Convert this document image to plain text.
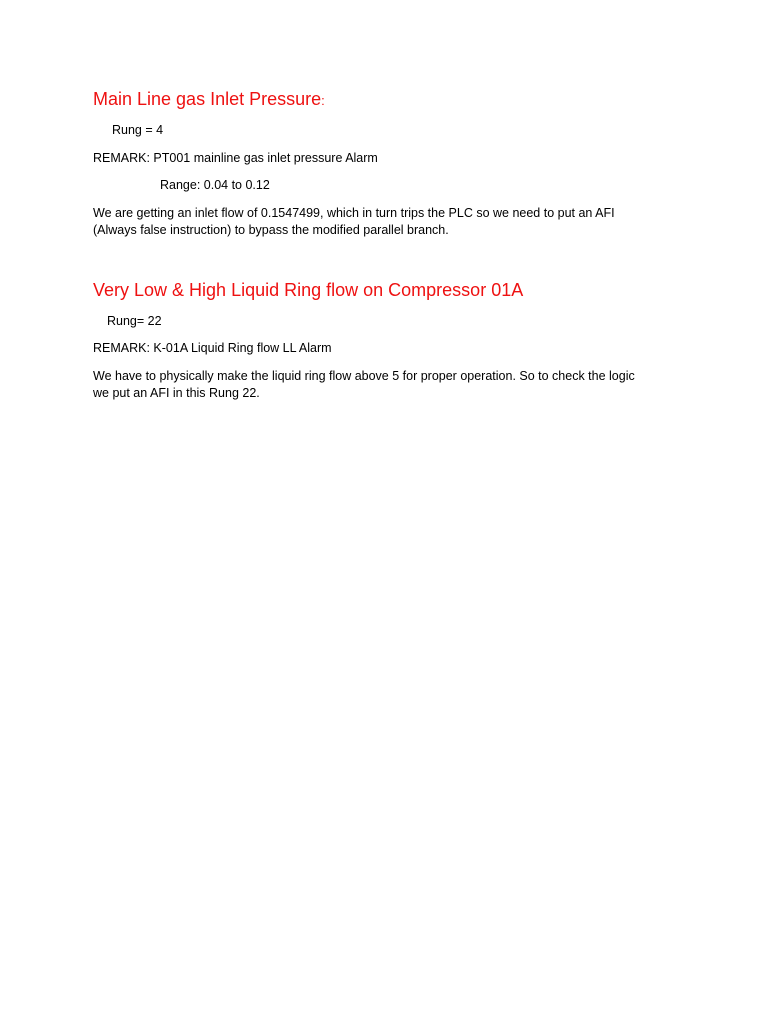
Main Line gas Inlet Pressure:

Rung = 4

REMARK: PT001 mainline gas inlet pressure Alarm

Range: 0.04 to 0.12

We are getting an inlet flow of 0.1547499, which in turn trips the PLC so we need to put an AFI

(Always false instruction) to bypass the modified parallel branch.

Very Low & High Liquid Ring flow on Compressor 01A

Rung= 22

REMARK: K-01A Liquid Ring flow LL Alarm

We have to physically make the liquid ring flow above 5 for proper operation. So to check the logic

we put an AFI in this Rung 22.
